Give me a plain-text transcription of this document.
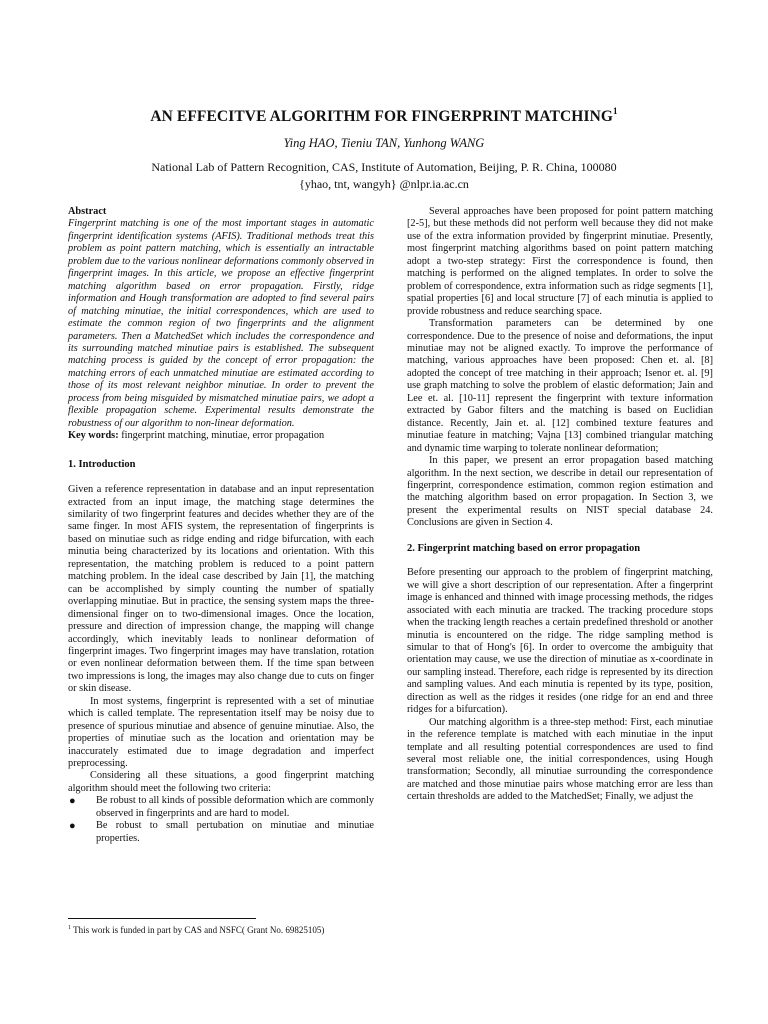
AN EFFECITVE ALGORITHM FOR FINGERPRINT MATCHING$^1$
Ying HAO, Tieniu TAN, Yunhong WANG
National Lab of Pattern Recognition, CAS, Institute of Automation, Beijing, P. R. China, 100080
{yhao, tnt, wangyh} @nlpr.ia.ac.cn

Abstract

Fingerprint matching is one of the most important stages in automatic fingerprint identification systems (AFIS). Traditional methods treat this problem as point pattern matching, which is essentially an intractable problem due to the various nonlinear deformations commonly observed in fingerprint images. In this article, we propose an effective fingerprint matching algorithm based on error propagation. Firstly, ridge information and Hough transformation are adopted to find several pairs of matching minutiae, the initial correspondences, which are used to estimate the common region of two fingerprints and the alignment parameters. Then a MatchedSet which includes the correspondence and its surrounding matched minutiae pairs is established. The subsequent matching process is guided by the concept of error propagation: the matching errors of each unmatched minutiae are estimated according to those of its most relevant neighbor minutiae. In order to prevent the process from being misguided by mismatched minutiae pairs, we adopt a flexible propagation scheme. Experimental results demonstrate the robustness of our algorithm to non-linear deformation.

Key words: fingerprint matching, minutiae, error propagation

1. Introduction

Given a reference representation in database and an input representation extracted from an input image, the matching stage determines the similarity of two fingerprint features and decides whether they are of the same finger. In most AFIS system, the representation of fingerprints is based on minutiae such as ridge ending and ridge bifurcation, with each minutia being characterized by its locations and orientation. With this representation, the matching problem is reduced to a point pattern matching problem. In the ideal case described by Jain [1], the matching can be accomplished by simply counting the number of spatially overlapping minutiae. But in practice, the sensing system maps the three-dimensional finger on to two-dimensional images. Once the location, pressure and direction of impression change, the mapping will change accordingly, which inevitably leads to nonlinear deformation of fingerprint images. Two fingerprint images may have translation, rotation or even nonlinear deformation between them. If the time span between two impressions is long, the images may also change due to cuts on finger or skin disease.

In most systems, fingerprint is represented with a set of minutiae which is called template. The representation itself may be noisy due to presence of spurious minutiae and absence of genuine minutiae. Also, the properties of minutiae such as the location and orientation may be inaccurately estimated due to image degradation and imperfect preprocessing.

Considering all these situations, a good fingerprint matching algorithm should meet the following two criteria:

● Be robust to all kinds of possible deformation which are commonly observed in fingerprints and are hard to model.
● Be robust to small pertubation on minutiae and minutiae properties.

Several approaches have been proposed for point pattern matching [2-5], but these methods did not perform well because they did not make use of the extra information provided by fingerprint minutiae. Presently, most fingerprint matching algorithms based on point pattern matching adopt a two-step strategy: First the correspondence is found, then matching is performed on the aligned templates. In order to solve the problem of correspondence, extra information such as ridge segments [1], spatial properties [6] and local structure [7] of each minutia is applied to provide robustness and reduce searching space.

Transformation parameters can be determined by one correspondence. Due to the presence of noise and deformations, the input minutiae may not be aligned exactly. To improve the performance of matching, various approaches have been proposed: Chen et. al. [8] adopted the concept of tree matching in their approach; Isenor et. al. [9] use graph matching to solve the problem of elastic deformation; Jain and Lee et. al. [10-11] represent the fingerprint with texture information extracted by Gabor filters and the matching is based on Euclidian distance. Recently, Jain et. al. [12] combined texture features and minutiae feature in matching; Vajna [13] combined triangular matching and dynamic time warping to tolerate nonlinear deformation;

In this paper, we present an error propagation based matching algorithm. In the next section, we describe in detail our representation of fingerprint, correspondence estimation, common region estimation and the matching algorithm based on error propagation. In Section 3, we present the experimental results on NIST special database 24. Conclusions are given in Section 4.

2. Fingerprint matching based on error propagation

Before presenting our approach to the problem of fingerprint matching, we will give a short description of our representation. After a fingerprint image is enhanced and thinned with image processing methods, the ridges associated with each minutia are tracked. The tracking procedure stops when the tracking length reaches a certain predefined threshold or another minutia is encountered on the ridge. The ridge sampling method is simular to that of Hong's [6]. In order to overcome the ambiguity that orientation may cause, we use the direction of minutiae as x-coordinate in our sampling instead. Therefore, each ridge is represented by its direction and sampling values. And each minutia is repented by its type, position, direction as well as the ridges it resides (one ridge for an end and three ridges for a bifurcation).

Our matching algorithm is a three-step method: First, each minutiae in the reference template is matched with each minutiae in the input template and all resulting potential correspondences are used to find several most reliable one, the initial correspondences, using Hough transformation; Secondly, all minutiae surrounding the correspondence are matched and those minutiae pairs whose matching error are less than certain thresholds are added to the MatchedSet; Finally, we adjust the

$^1$ This work is funded in part by CAS and NSFC( Grant No. 69825105)
